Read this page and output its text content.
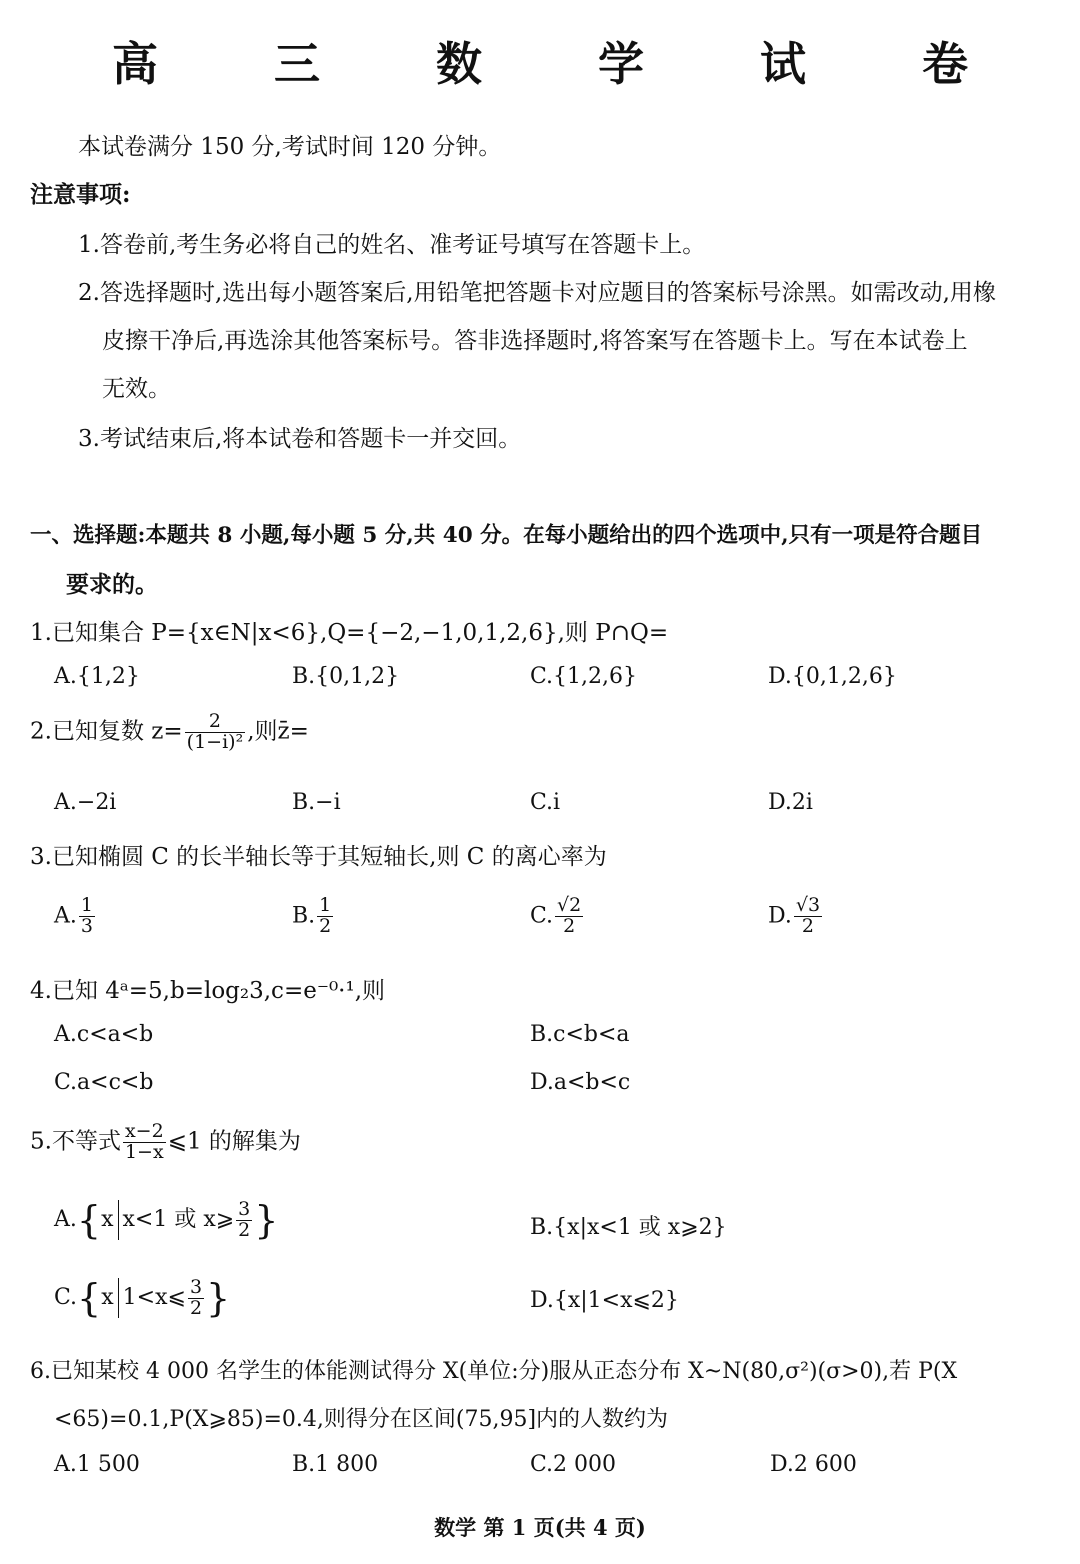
高 三 数 学 试 卷
本试卷满分 150 分,考试时间 120 分钟。
注意事项:
1.答卷前,考生务必将自己的姓名、准考证号填写在答题卡上。
2.答选择题时,选出每小题答案后,用铅笔把答题卡对应题目的答案标号涂黑。如需改动,用橡
皮擦干净后,再选涂其他答案标号。答非选择题时,将答案写在答题卡上。写在本试卷上
无效。
3.考试结束后,将本试卷和答题卡一并交回。
一、选择题:本题共 8 小题,每小题 5 分,共 40 分。在每小题给出的四个选项中,只有一项是符合题目
要求的。
1.已知集合 P={x∈N|x<6},Q={−2,−1,0,1,2,6},则 P∩Q=
A.{1,2}	B.{0,1,2}	C.{1,2,6}	D.{0,1,2,6}
2.已知复数 $z= \frac{2}{\text{(1−i)²}}$ ,则z̄=
A.−2i	B.−i	C.i	D.2i
3.已知椭圆 C 的长半轴长等于其短轴长,则 C 的离心率为
A. $\frac{1}{3}$	B. $\frac{1}{2}$	C. $\frac{√2}{2}$	D. $\frac{√3}{2}$
4.已知 4ᵃ=5,b=log₂3,c=e⁻⁰·¹,则
A.c<a<b	B.c<b<a
C.a<c<b	D.a<b<c
5.不等式 $\frac{x-2}{1-x}$ ⩽1 的解集为
A.{x x<1 或 x⩾ $\frac{3}{2}$ }	B.{x|x<1 或 x⩾2}
C.{x 1<x⩽ $\frac{3}{2}$ }	D.{x|1<x⩽2}
6.已知某校 4 000 名学生的体能测试得分 X(单位:分)服从正态分布 X~N(80,σ²)(σ>0),若 P(X
<65)=0.1,P(X⩾85)=0.4,则得分在区间(75,95]内的人数约为
A.1 500	B.1 800	C.2 000	D.2 600
数学 第 1 页(共 4 页)
